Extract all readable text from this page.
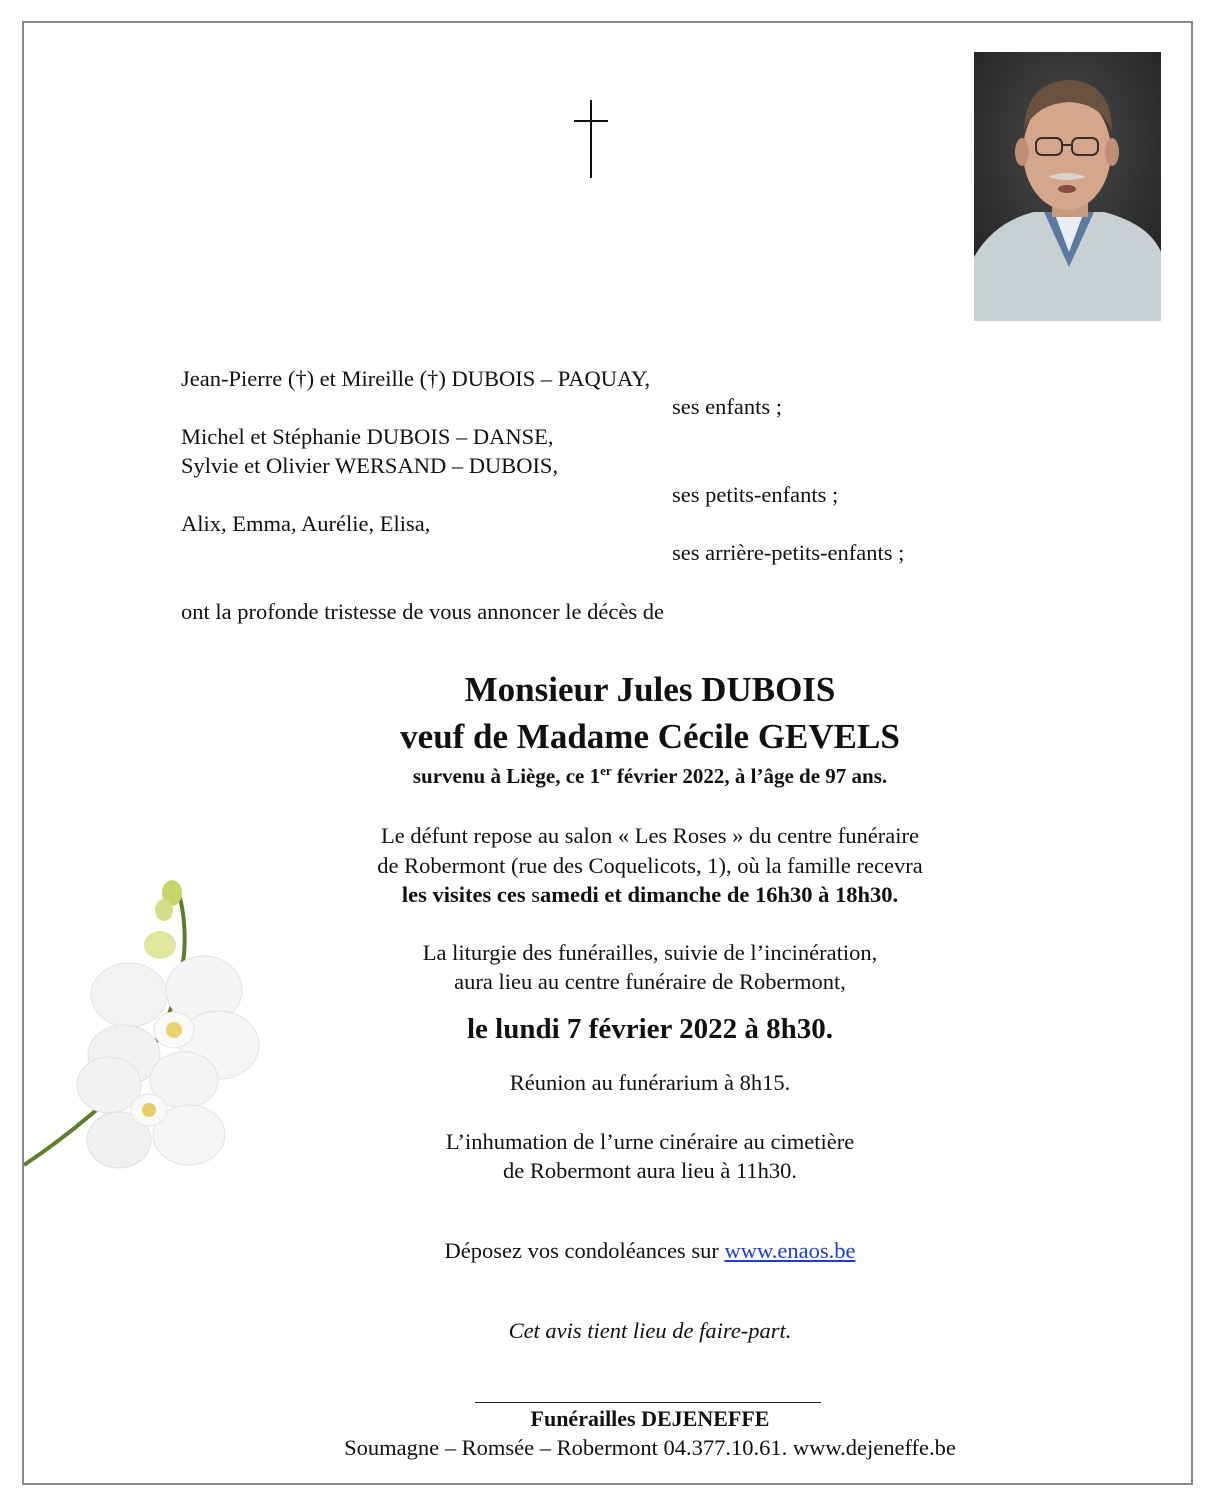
Jean-Pierre (†) et Mireille (†) DUBOIS – PAQUAY,
ses enfants ;
Michel et Stéphanie DUBOIS – DANSE,
Sylvie et Olivier WERSAND – DUBOIS,
ses petits-enfants ;
Alix, Emma, Aurélie, Elisa,
ses arrière-petits-enfants ;
ont la profonde tristesse de vous annoncer le décès de
Monsieur Jules DUBOIS
veuf de Madame Cécile GEVELS
survenu à Liège, ce 1er février 2022, à l’âge de 97 ans.
Le défunt repose au salon « Les Roses » du centre funéraire
de Robermont (rue des Coquelicots, 1), où la famille recevra
les visites ces samedi et dimanche de 16h30 à 18h30.
La liturgie des funérailles, suivie de l’incinération,
aura lieu au centre funéraire de Robermont,
le lundi 7 février 2022 à 8h30.
Réunion au funérarium à 8h15.
L’inhumation de l’urne cinéraire au cimetière
de Robermont aura lieu à 11h30.
Déposez vos condoléances sur www.enaos.be
Cet avis tient lieu de faire-part.
Funérailles DEJENEFFE
Soumagne – Romsée – Robermont 04.377.10.61. www.dejeneffe.be
